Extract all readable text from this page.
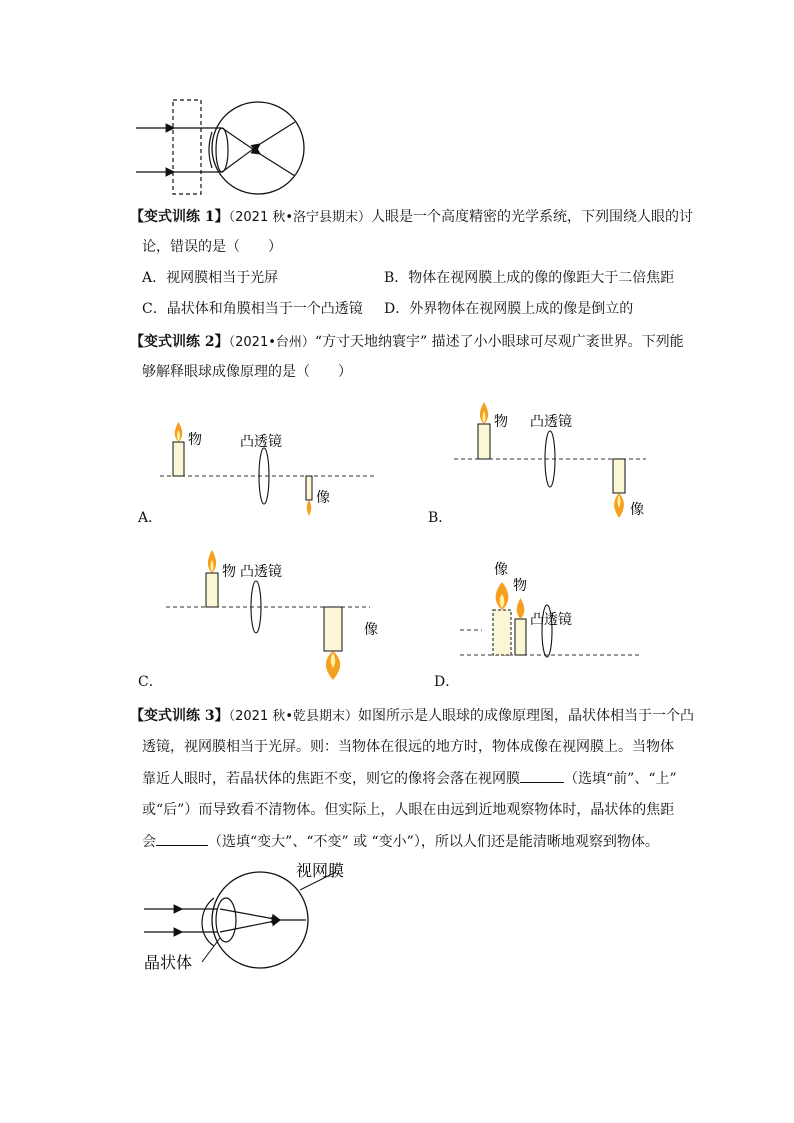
【变式训练 1】（2021 秋•洛宁县期末）人眼是一个高度精密的光学系统，下列围绕人眼的讨
论，错误的是（　　）
A．视网膜相当于光屏	B．物体在视网膜上成的像的像距大于二倍焦距
C．晶状体和角膜相当于一个凸透镜 D．外界物体在视网膜上成的像是倒立的
【变式训练 2】（2021•台州）“方寸天地纳寰宇” 描述了小小眼球可尽观广袤世界。下列能
够解释眼球成像原理的是（　　）
物	凸透镜
像
A．
物 凸透镜
像
B．
物 凸透镜
像
C．
像
物
凸透镜
D．
【变式训练 3】（2021 秋•乾县期末）如图所示是人眼球的成像原理图，晶状体相当于一个凸
透镜，视网膜相当于光屏。则：当物体在很远的地方时，物体成像在视网膜上。当物体
靠近人眼时，若晶状体的焦距不变，则它的像将会落在视网膜	（选填“前”、“上”
或“后”）而导致看不清物体。但实际上，人眼在由远到近地观察物体时，晶状体的焦距
会	（选填“变大”、“不变” 或 “变小”），所以人们还是能清晰地观察到物体。
视网膜
晶状体
